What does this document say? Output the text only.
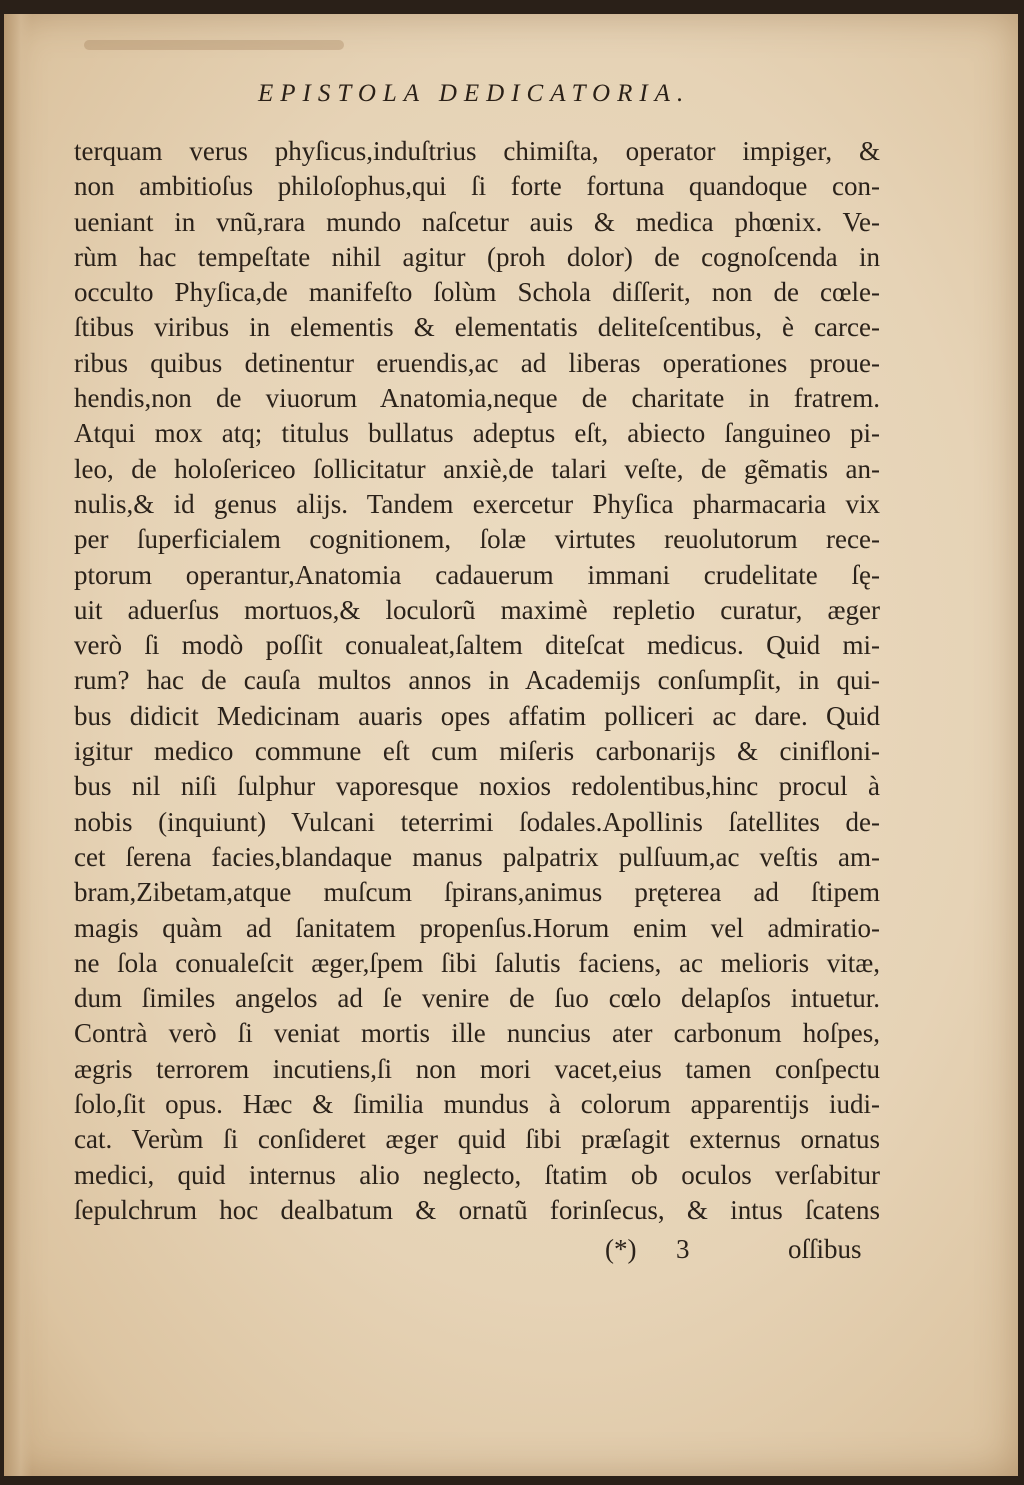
EPISTOLA DEDICATORIA.
terquam verus phyſicus,induſtrius chimiſta, operator impiger, &
non ambitioſus philoſophus,qui ſi forte fortuna quandoque con-
ueniant in vnũ,rara mundo naſcetur auis & medica phœnix. Ve-
rùm hac tempeſtate nihil agitur (proh dolor) de cognoſcenda in
occulto Phyſica,de manifeſto ſolùm Schola diſſerit, non de cœle-
ſtibus viribus in elementis & elementatis deliteſcentibus, è carce-
ribus quibus detinentur eruendis,ac ad liberas operationes proue-
hendis,non de viuorum Anatomia,neque de charitate in fratrem.
Atqui mox atq; titulus bullatus adeptus eſt, abiecto ſanguineo pi-
leo, de holoſericeo ſollicitatur anxiè,de talari veſte, de gẽmatis an-
nulis,& id genus alijs. Tandem exercetur Phyſica pharmacaria vix
per ſuperficialem cognitionem, ſolæ virtutes reuolutorum rece-
ptorum operantur,Anatomia cadauerum immani crudelitate ſę-
uit aduerſus mortuos,& loculorũ maximè repletio curatur, æger
verò ſi modò poſſit conualeat,ſaltem diteſcat medicus. Quid mi-
rum? hac de cauſa multos annos in Academijs conſumpſit, in qui-
bus didicit Medicinam auaris opes affatim polliceri ac dare. Quid
igitur medico commune eſt cum miſeris carbonarijs & cinifloni-
bus nil niſi ſulphur vaporesque noxios redolentibus,hinc procul à
nobis (inquiunt) Vulcani teterrimi ſodales.Apollinis ſatellites de-
cet ſerena facies,blandaque manus palpatrix pulſuum,ac veſtis am-
bram,Zibetam,atque muſcum ſpirans,animus pręterea ad ſtipem
magis quàm ad ſanitatem propenſus.Horum enim vel admiratio-
ne ſola conualeſcit æger,ſpem ſibi ſalutis faciens, ac melioris vitæ,
dum ſimiles angelos ad ſe venire de ſuo cœlo delapſos intuetur.
Contrà verò ſi veniat mortis ille nuncius ater carbonum hoſpes,
ægris terrorem incutiens,ſi non mori vacet,eius tamen conſpectu
ſolo,ſit opus. Hæc & ſimilia mundus à colorum apparentijs iudi-
cat. Verùm ſi conſideret æger quid ſibi præſagit externus ornatus
medici, quid internus alio neglecto, ſtatim ob oculos verſabitur
ſepulchrum hoc dealbatum & ornatũ forinſecus, & intus ſcatens
(*) 3	oſſibus
